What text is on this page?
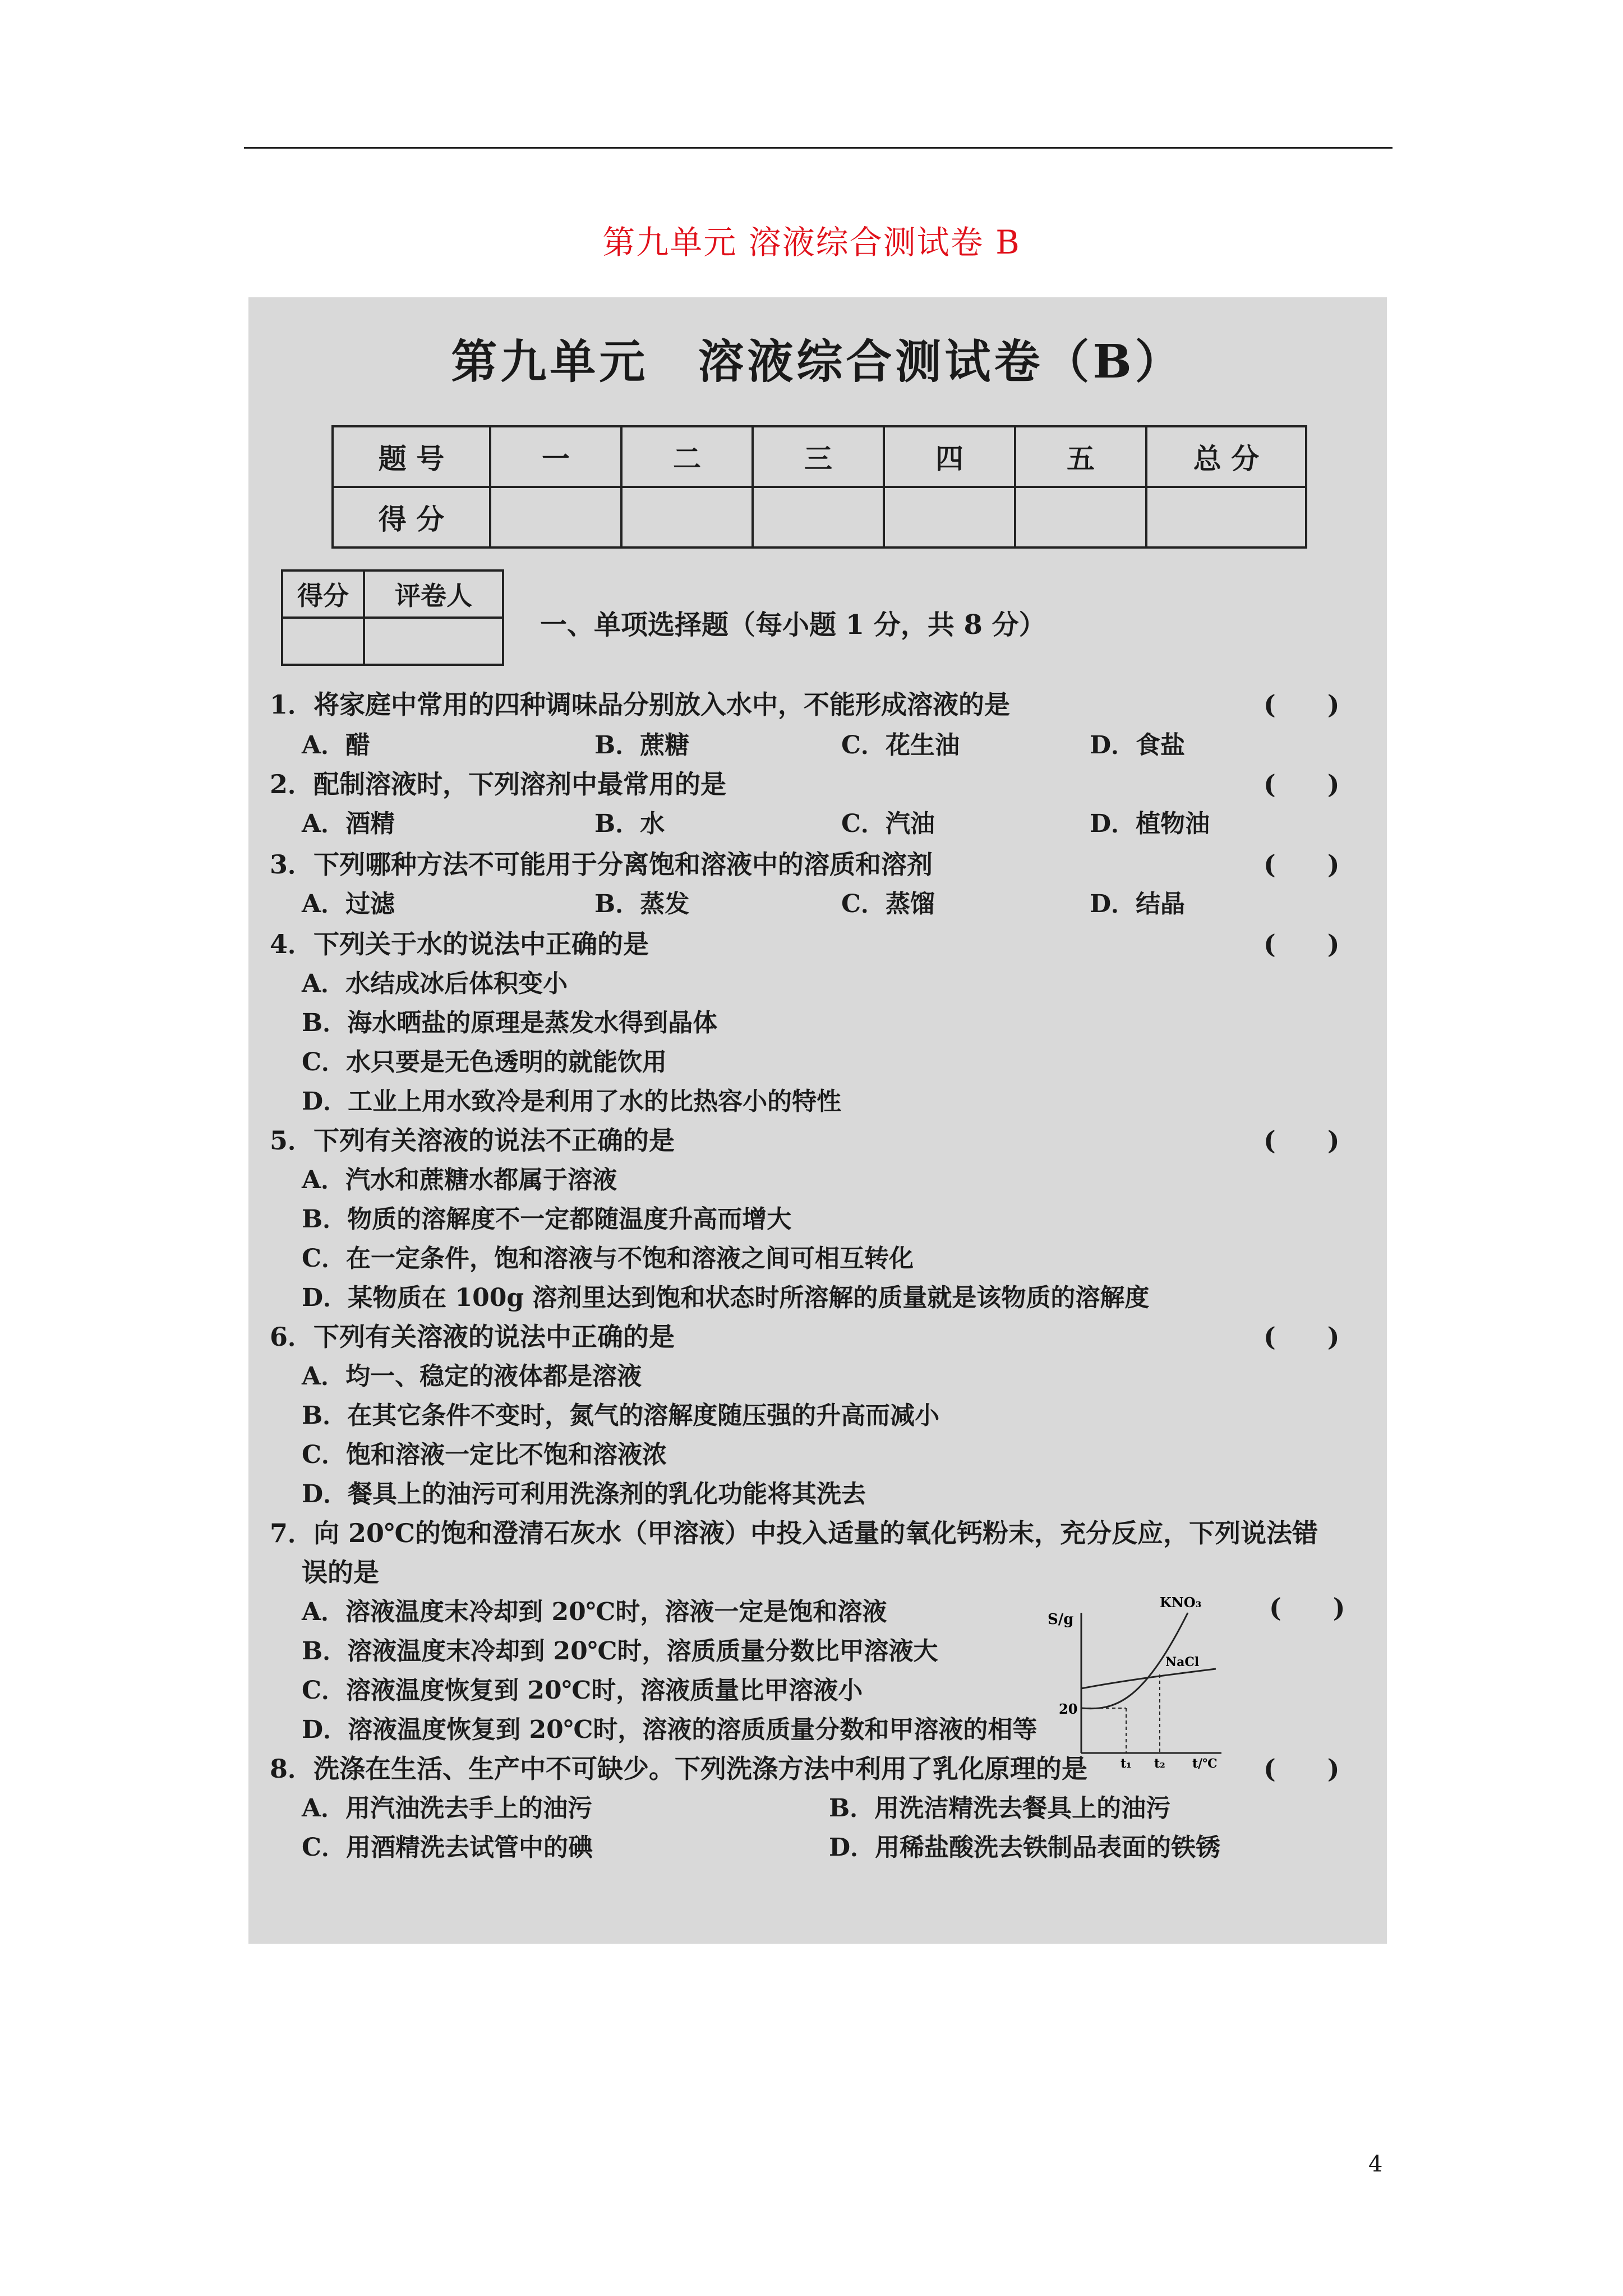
第九单元 溶液综合测试卷 B
第九单元　溶液综合测试卷（B）
题 号	一	二	三	四	五	总 分
得 分						
得分	评卷人

一、单项选择题（每小题 1 分，共 8 分）
1．将家庭中常用的四种调味品分别放入水中，不能形成溶液的是	(　　)
A．醋	B．蔗糖	C．花生油	D．食盐
2．配制溶液时，下列溶剂中最常用的是	(　　)
A．酒精	B．水	C．汽油	D．植物油
3．下列哪种方法不可能用于分离饱和溶液中的溶质和溶剂	(　　)
A．过滤	B．蒸发	C．蒸馏	D．结晶
4．下列关于水的说法中正确的是	(　　)
A．水结成冰后体积变小
B．海水晒盐的原理是蒸发水得到晶体
C．水只要是无色透明的就能饮用
D．工业上用水致冷是利用了水的比热容小的特性
5．下列有关溶液的说法不正确的是	(　　)
A．汽水和蔗糖水都属于溶液
B．物质的溶解度不一定都随温度升高而增大
C．在一定条件，饱和溶液与不饱和溶液之间可相互转化
D．某物质在 100g 溶剂里达到饱和状态时所溶解的质量就是该物质的溶解度
6．下列有关溶液的说法中正确的是	(　　)
A．均一、稳定的液体都是溶液
B．在其它条件不变时，氮气的溶解度随压强的升高而减小
C．饱和溶液一定比不饱和溶液浓
D．餐具上的油污可利用洗涤剂的乳化功能将其洗去
7．向 20℃的饱和澄清石灰水（甲溶液）中投入适量的氧化钙粉末，充分反应，下列说法错
误的是
(　　)
A．溶液温度末冷却到 20℃时，溶液一定是饱和溶液
B．溶液温度末冷却到 20℃时，溶质质量分数比甲溶液大
C．溶液温度恢复到 20℃时，溶液质量比甲溶液小
D．溶液温度恢复到 20℃时，溶液的溶质质量分数和甲溶液的相等
S/g
20
KNO₃
NaCl
t₁ t₂ t/℃
8．洗涤在生活、生产中不可缺少。下列洗涤方法中利用了乳化原理的是	(　　)
A．用汽油洗去手上的油污	B．用洗洁精洗去餐具上的油污
C．用酒精洗去试管中的碘	D．用稀盐酸洗去铁制品表面的铁锈
4
